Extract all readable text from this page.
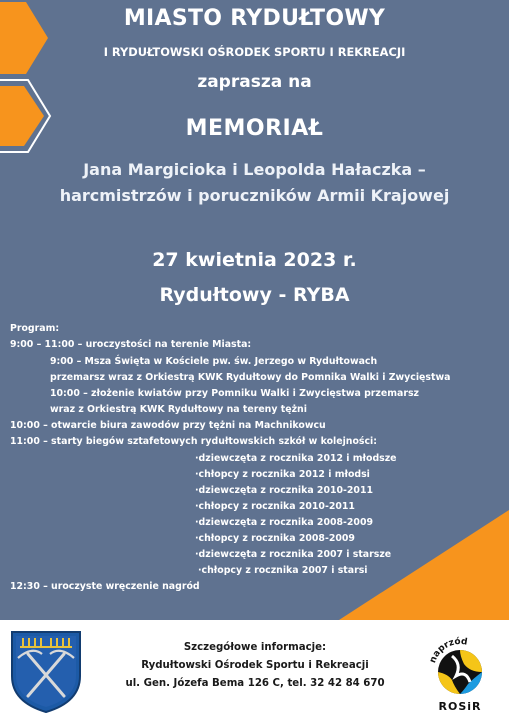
MIASTO RYDUŁTOWY
I RYDUŁTOWSKI OŚRODEK SPORTU I REKREACJI
zaprasza na
MEMORIAŁ
Jana Margicioka i Leopolda Hałaczka –
harcmistrzów i poruczników Armii Krajowej
27 kwietnia 2023 r.
Rydułtowy - RYBA
Program:
9:00 – 11:00 – uroczystości na terenie Miasta:
9:00 – Msza Święta w Kościele pw. św. Jerzego w Rydułtowach
przemarsz wraz z Orkiestrą KWK Rydułtowy do Pomnika Walki i Zwycięstwa
10:00 – złożenie kwiatów przy Pomniku Walki i Zwycięstwa przemarsz
wraz z Orkiestrą KWK Rydułtowy na tereny tężni
10:00 – otwarcie biura zawodów przy tężni na Machnikowcu
11:00 – starty biegów sztafetowych rydułtowskich szkół w kolejności:
·dziewczęta z rocznika 2012 i młodsze
·chłopcy z rocznika 2012 i młodsi
·dziewczęta z rocznika 2010-2011
·chłopcy z rocznika 2010-2011
·dziewczęta z rocznika 2008-2009
·chłopcy z rocznika 2008-2009
·dziewczęta z rocznika 2007 i starsze
·chłopcy z rocznika 2007 i starsi
12:30 – uroczyste wręczenie nagród
Szczegółowe informacje:
Rydułtowski Ośrodek Sportu i Rekreacji
ul. Gen. Józefa Bema 126 C, tel. 32 42 84 670
naprzód
ROSiR
